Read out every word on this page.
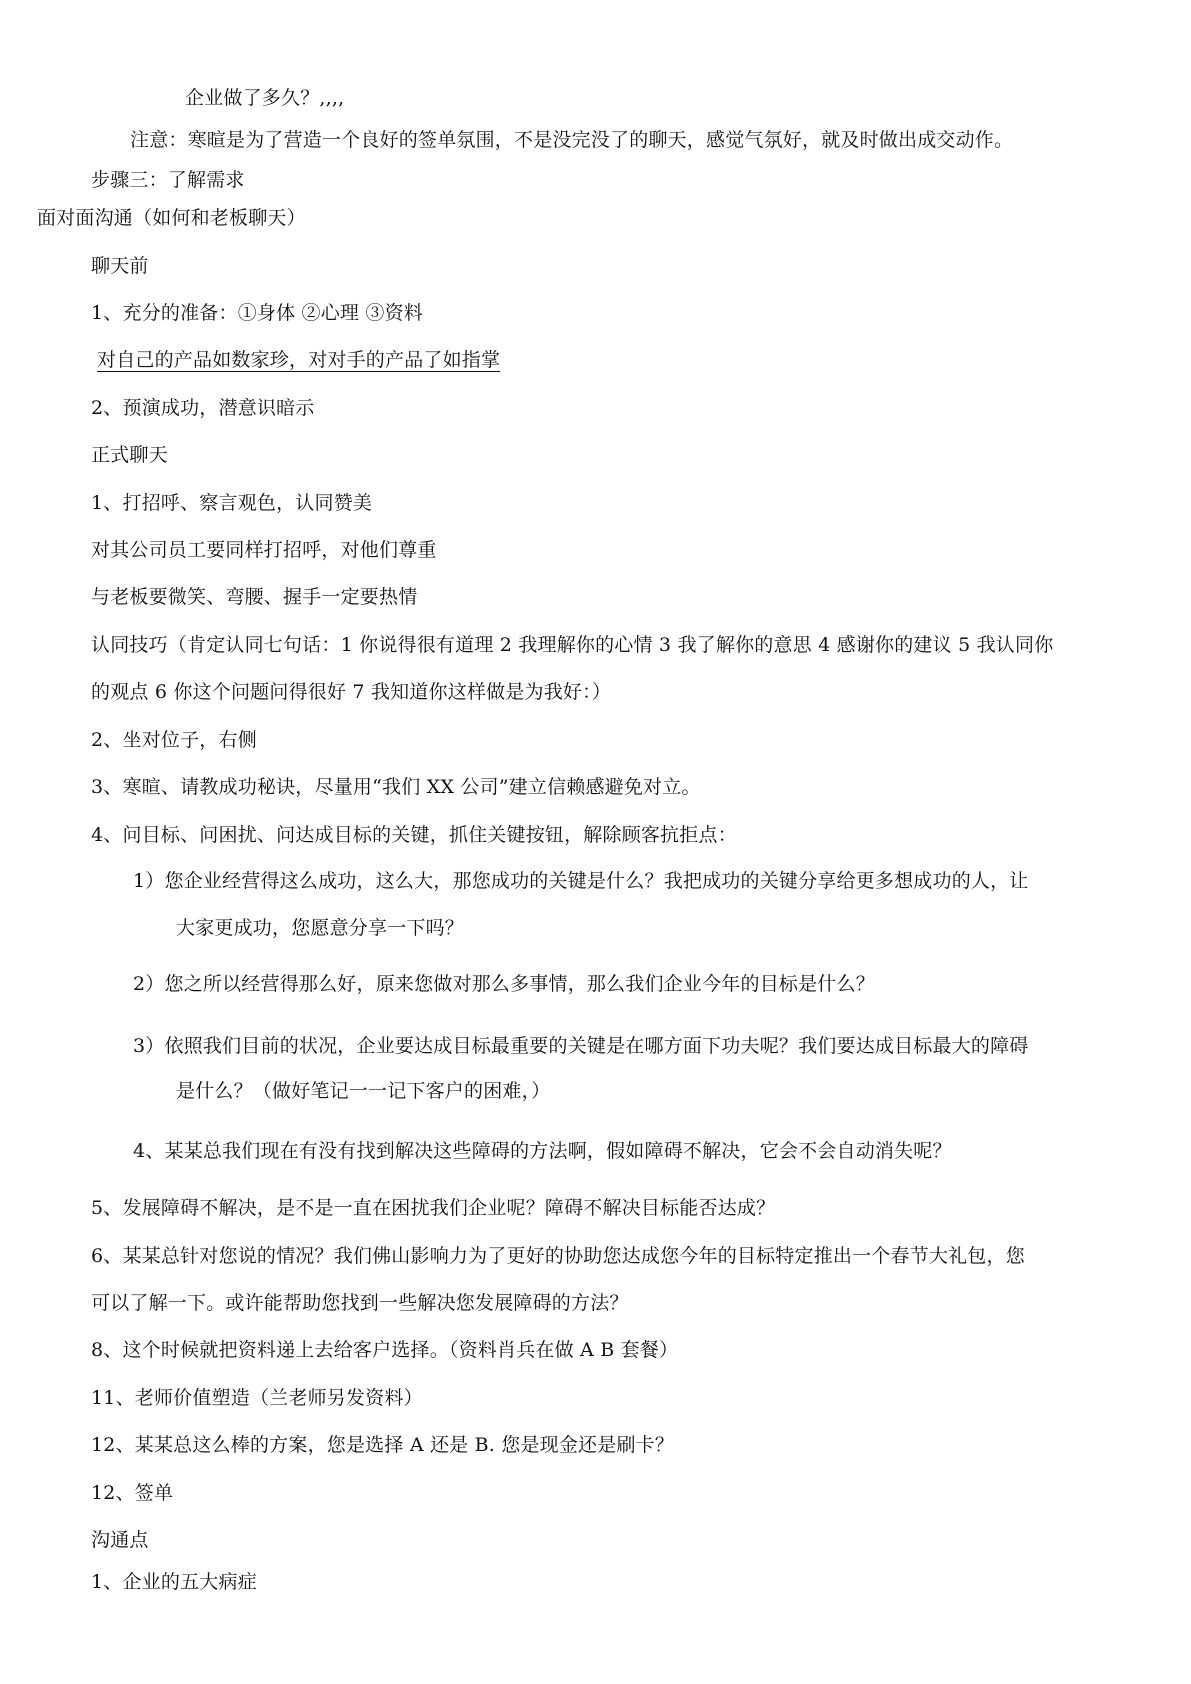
企业做了多久？,,,,
注意：寒暄是为了营造一个良好的签单氛围，不是没完没了的聊天，感觉气氛好，就及时做出成交动作。
步骤三：了解需求
面对面沟通（如何和老板聊天）
聊天前
1、充分的准备：①身体 ②心理 ③资料
对自己的产品如数家珍，对对手的产品了如指掌
2、预演成功，潜意识暗示
正式聊天
1、打招呼、察言观色，认同赞美
对其公司员工要同样打招呼，对他们尊重
与老板要微笑、弯腰、握手一定要热情
认同技巧（肯定认同七句话：1 你说得很有道理 2 我理解你的心情 3 我了解你的意思 4 感谢你的建议 5 我认同你
的观点 6 你这个问题问得很好 7 我知道你这样做是为我好：）
2、坐对位子，右侧
3、寒暄、请教成功秘诀，尽量用“我们 XX 公司”建立信赖感避免对立。
4、问目标、问困扰、问达成目标的关键，抓住关键按钮，解除顾客抗拒点：
1）您企业经营得这么成功，这么大，那您成功的关键是什么？我把成功的关键分享给更多想成功的人，让
大家更成功，您愿意分享一下吗？
2）您之所以经营得那么好，原来您做对那么多事情，那么我们企业今年的目标是什么？
3）依照我们目前的状况，企业要达成目标最重要的关键是在哪方面下功夫呢？我们要达成目标最大的障碍
是什么？（做好笔记一一记下客户的困难，）
4、某某总我们现在有没有找到解决这些障碍的方法啊，假如障碍不解决，它会不会自动消失呢？
5、发展障碍不解决，是不是一直在困扰我们企业呢？障碍不解决目标能否达成？
6、某某总针对您说的情况？我们佛山影响力为了更好的协助您达成您今年的目标特定推出一个春节大礼包，您
可以了解一下。或许能帮助您找到一些解决您发展障碍的方法？
8、这个时候就把资料递上去给客户选择。（资料肖兵在做 A B 套餐）
11、老师价值塑造（兰老师另发资料）
12、某某总这么棒的方案，您是选择 A 还是 B. 您是现金还是刷卡？
12、签单
沟通点
1、企业的五大病症
